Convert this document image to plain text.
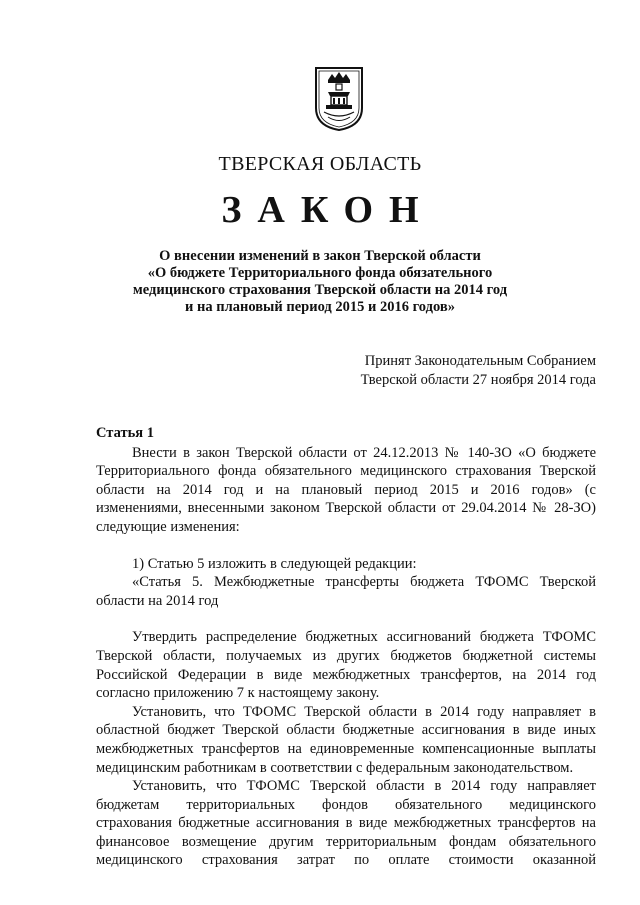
ТВЕРСКАЯ ОБЛАСТЬ
ЗАКОН
О внесении изменений в закон Тверской области
«О бюджете Территориального фонда обязательного
медицинского страхования Тверской области на 2014 год
и на плановый период 2015 и 2016 годов»
Принят Законодательным Собранием
Тверской области 27 ноября 2014 года
Статья 1
Внести в закон Тверской области от 24.12.2013 № 140-ЗО «О бюджете
Территориального фонда обязательного медицинского страхования Тверской
области на 2014 год и на плановый период 2015 и 2016 годов» (с
изменениями, внесенными законом Тверской области от 29.04.2014 № 28-ЗО)
следующие изменения:
1) Статью 5 изложить в следующей редакции:
«Статья 5. Межбюджетные трансферты бюджета ТФОМС Тверской
области на 2014 год
Утвердить распределение бюджетных ассигнований бюджета ТФОМС
Тверской области, получаемых из других бюджетов бюджетной системы
Российской Федерации в виде межбюджетных трансфертов, на 2014 год
согласно приложению 7 к настоящему закону.
Установить, что ТФОМС Тверской области в 2014 году направляет в
областной бюджет Тверской области бюджетные ассигнования в виде иных
межбюджетных трансфертов на единовременные компенсационные выплаты
медицинским работникам в соответствии с федеральным законодательством.
Установить, что ТФОМС Тверской области в 2014 году направляет
бюджетам территориальных фондов обязательного медицинского
страхования бюджетные ассигнования в виде межбюджетных трансфертов на
финансовое возмещение другим территориальным фондам обязательного
медицинского страхования затрат по оплате стоимости оказанной
